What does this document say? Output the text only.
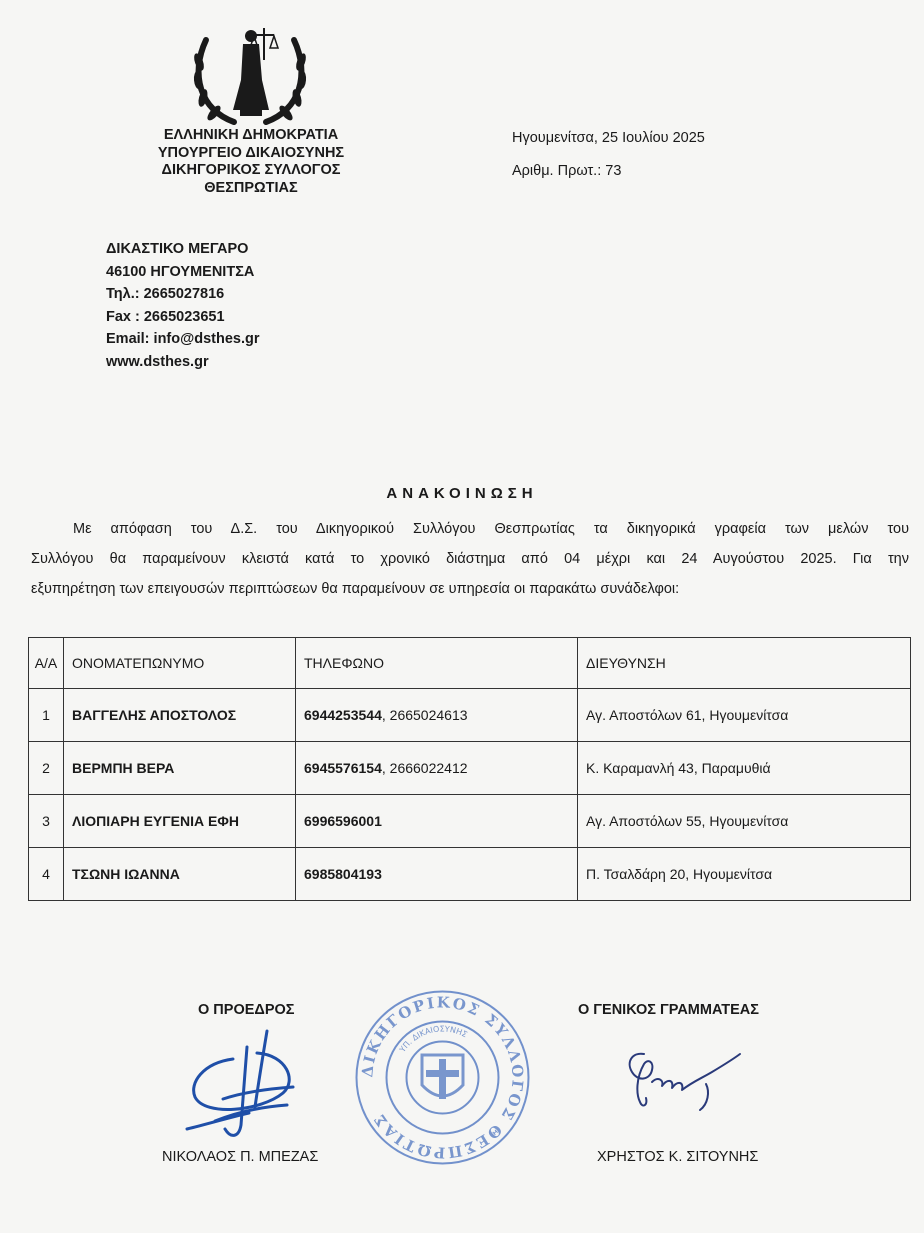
ΕΛΛΗΝΙΚΗ ΔΗΜΟΚΡΑΤΙΑ
ΥΠΟΥΡΓΕΙΟ ΔΙΚΑΙΟΣΥΝΗΣ
ΔΙΚΗΓΟΡΙΚΟΣ ΣΥΛΛΟΓΟΣ
ΘΕΣΠΡΩΤΙΑΣ
Ηγουμενίτσα, 25 Ιουλίου 2025
Αριθμ. Πρωτ.: 73
ΔΙΚΑΣΤΙΚΟ ΜΕΓΑΡΟ
46100 ΗΓΟΥΜΕΝΙΤΣΑ
Τηλ.: 2665027816
Fax : 2665023651
Email: info@dsthes.gr
www.dsthes.gr
ΑΝΑΚΟΙΝΩΣΗ
Με απόφαση του Δ.Σ. του Δικηγορικού Συλλόγου Θεσπρωτίας τα δικηγορικά γραφεία των μελών του
Συλλόγου θα παραμείνουν κλειστά κατά το χρονικό διάστημα από 04 μέχρι και 24 Αυγούστου 2025. Για την
εξυπηρέτηση των επειγουσών περιπτώσεων θα παραμείνουν σε υπηρεσία οι παρακάτω συνάδελφοι:
Α/Α	ΟΝΟΜΑΤΕΠΩΝΥΜΟ	ΤΗΛΕΦΩΝΟ	ΔΙΕΥΘΥΝΣΗ
1	ΒΑΓΓΕΛΗΣ ΑΠΟΣΤΟΛΟΣ	6944253544, 2665024613	Αγ. Αποστόλων 61, Ηγουμενίτσα
2	ΒΕΡΜΠΗ ΒΕΡΑ	6945576154, 2666022412	Κ. Καραμανλή 43, Παραμυθιά
3	ΛΙΟΠΙΑΡΗ ΕΥΓΕΝΙΑ ΕΦΗ	6996596001	Αγ. Αποστόλων 55, Ηγουμενίτσα
4	ΤΣΩΝΗ ΙΩΑΝΝΑ	6985804193	Π. Τσαλδάρη 20, Ηγουμενίτσα
Ο ΠΡΟΕΔΡΟΣ	Ο ΓΕΝΙΚΟΣ ΓΡΑΜΜΑΤΕΑΣ
ΔΙΚΗΓΟΡΙΚΟΣ ΣΥΛΛΟΓΟΣ ΘΕΣΠΡΩΤΙΑΣ
ΥΠ. ΔΙΚΑΙΟΣΥΝΗΣ
ΝΙΚΟΛΑΟΣ Π. ΜΠΕΖΑΣ	ΧΡΗΣΤΟΣ Κ. ΣΙΤΟΥΝΗΣ
